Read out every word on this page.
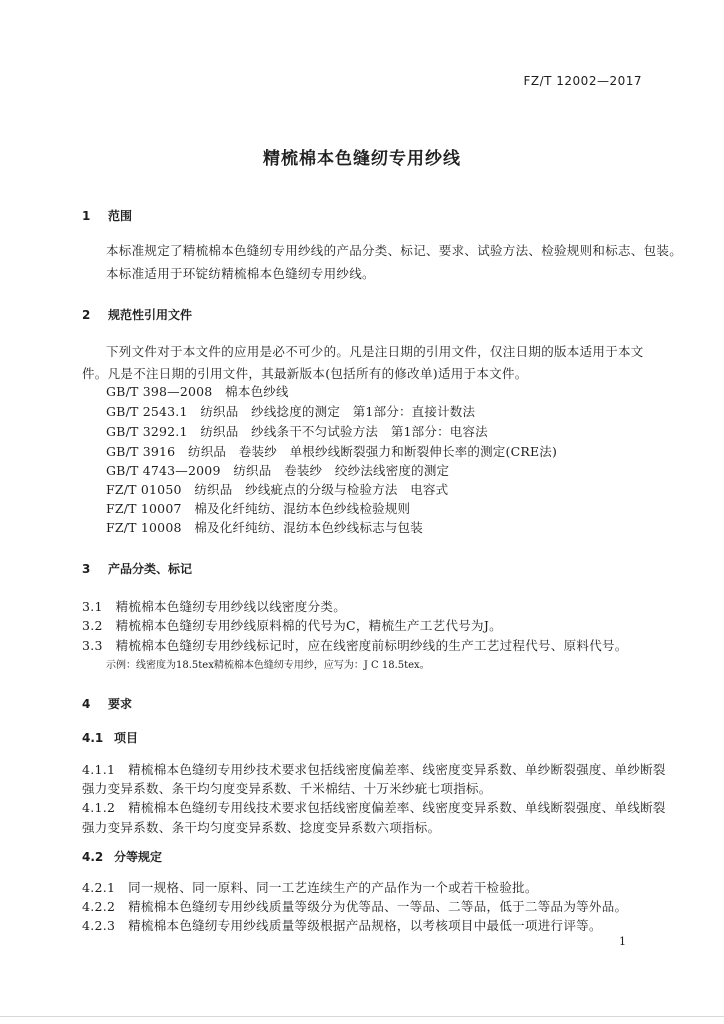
FZ/T 12002—2017
精梳棉本色缝纫专用纱线
1 范围
本标准规定了精梳棉本色缝纫专用纱线的产品分类、标记、要求、试验方法、检验规则和标志、包装。
本标准适用于环锭纺精梳棉本色缝纫专用纱线。
2 规范性引用文件
下列文件对于本文件的应用是必不可少的。凡是注日期的引用文件，仅注日期的版本适用于本文
件。凡是不注日期的引用文件，其最新版本(包括所有的修改单)适用于本文件。
GB/T 398—2008　棉本色纱线
GB/T 2543.1　纺织品　纱线捻度的测定　第1部分：直接计数法
GB/T 3292.1　纺织品　纱线条干不匀试验方法　第1部分：电容法
GB/T 3916　纺织品　卷装纱　单根纱线断裂强力和断裂伸长率的测定(CRE法)
GB/T 4743—2009　纺织品　卷装纱　绞纱法线密度的测定
FZ/T 01050　纺织品　纱线疵点的分级与检验方法　电容式
FZ/T 10007　棉及化纤纯纺、混纺本色纱线检验规则
FZ/T 10008　棉及化纤纯纺、混纺本色纱线标志与包装
3 产品分类、标记
3.1　 精梳棉本色缝纫专用纱线以线密度分类。
3.2　 精梳棉本色缝纫专用纱线原料棉的代号为C，精梳生产工艺代号为J。
3.3　 精梳棉本色缝纫专用纱线标记时，应在线密度前标明纱线的生产工艺过程代号、原料代号。
示例：线密度为18.5tex精梳棉本色缝纫专用纱，应写为：J C 18.5tex。
4 要求
4.1 项目
4.1.1　 精梳棉本色缝纫专用纱技术要求包括线密度偏差率、线密度变异系数、单纱断裂强度、单纱断裂
强力变异系数、条干均匀度变异系数、千米棉结、十万米纱疵七项指标。
4.1.2　 精梳棉本色缝纫专用线技术要求包括线密度偏差率、线密度变异系数、单线断裂强度、单线断裂
强力变异系数、条干均匀度变异系数、捻度变异系数六项指标。
4.2 分等规定
4.2.1　 同一规格、同一原料、同一工艺连续生产的产品作为一个或若干检验批。
4.2.2　 精梳棉本色缝纫专用纱线质量等级分为优等品、一等品、二等品，低于二等品为等外品。
4.2.3　 精梳棉本色缝纫专用纱线质量等级根据产品规格，以考核项目中最低一项进行评等。
1
